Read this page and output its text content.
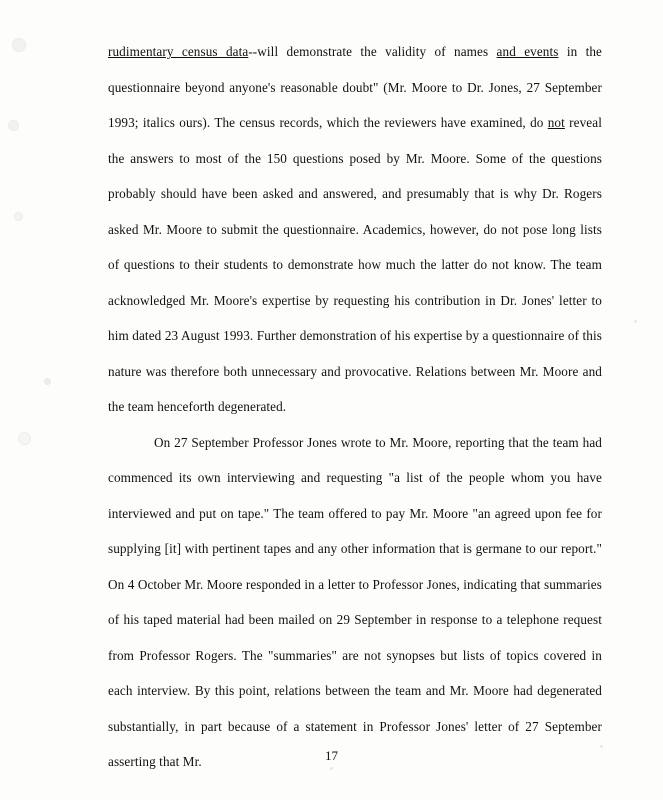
rudimentary census data--will demonstrate the validity of names and events in the questionnaire beyond anyone's reasonable doubt" (Mr. Moore to Dr. Jones, 27 September 1993; italics ours). The census records, which the reviewers have examined, do not reveal the answers to most of the 150 questions posed by Mr. Moore. Some of the questions probably should have been asked and answered, and presumably that is why Dr. Rogers asked Mr. Moore to submit the questionnaire. Academics, however, do not pose long lists of questions to their students to demonstrate how much the latter do not know. The team acknowledged Mr. Moore's expertise by requesting his contribution in Dr. Jones' letter to him dated 23 August 1993. Further demonstration of his expertise by a questionnaire of this nature was therefore both unnecessary and provocative. Relations between Mr. Moore and the team henceforth degenerated.

On 27 September Professor Jones wrote to Mr. Moore, reporting that the team had commenced its own interviewing and requesting "a list of the people whom you have interviewed and put on tape." The team offered to pay Mr. Moore "an agreed upon fee for supplying [it] with pertinent tapes and any other information that is germane to our report." On 4 October Mr. Moore responded in a letter to Professor Jones, indicating that summaries of his taped material had been mailed on 29 September in response to a telephone request from Professor Rogers. The "summaries" are not synopses but lists of topics covered in each interview. By this point, relations between the team and Mr. Moore had degenerated substantially, in part because of a statement in Professor Jones' letter of 27 September asserting that Mr.	17
